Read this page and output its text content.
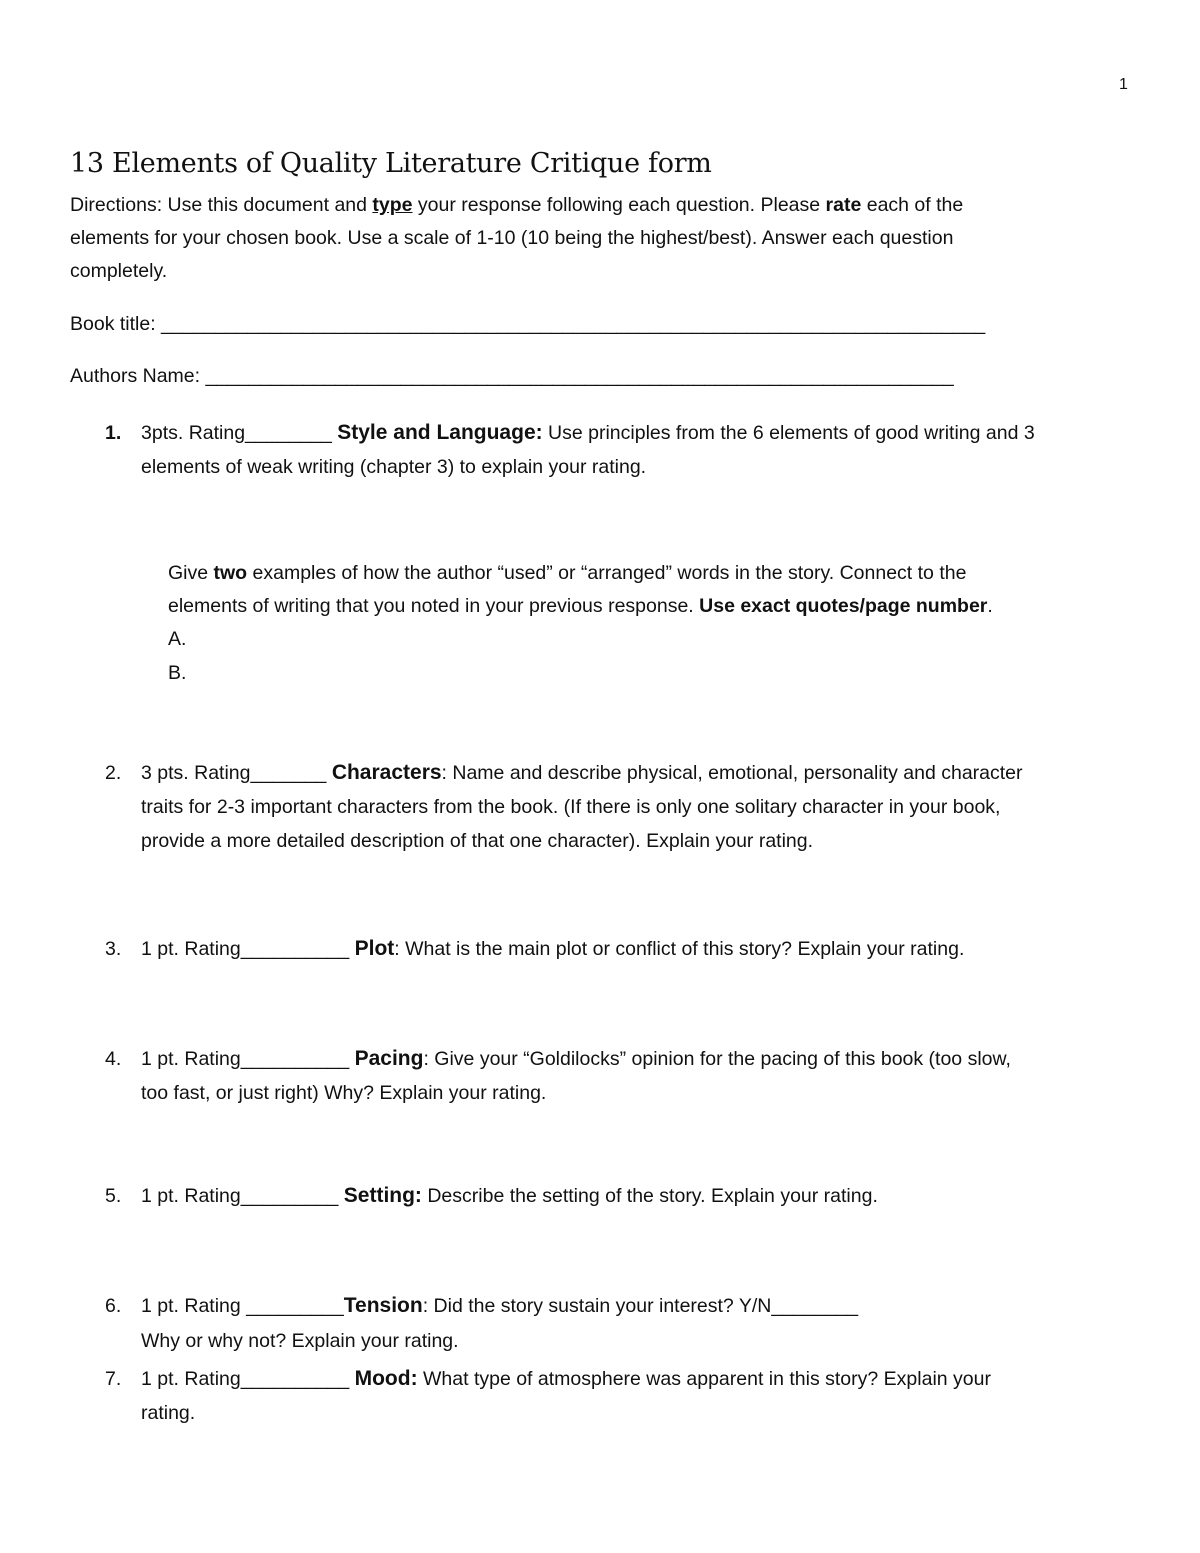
1
13 Elements of Quality Literature Critique form
Directions: Use this document and type your response following each question. Please rate each of the
elements for your chosen book. Use a scale of 1-10 (10 being the highest/best). Answer each question
completely.
Book title: ____________________________________________________________________________
Authors Name: _____________________________________________________________________
1. 3pts. Rating________ Style and Language: Use principles from the 6 elements of good writing and 3
elements of weak writing (chapter 3) to explain your rating.
Give two examples of how the author “used” or “arranged” words in the story. Connect to the
elements of writing that you noted in your previous response. Use exact quotes/page number.
A.
B.
2. 3 pts. Rating_______ Characters: Name and describe physical, emotional, personality and character
traits for 2-3 important characters from the book. (If there is only one solitary character in your book,
provide a more detailed description of that one character). Explain your rating.
3. 1 pt. Rating__________ Plot: What is the main plot or conflict of this story? Explain your rating.
4. 1 pt. Rating__________ Pacing: Give your “Goldilocks” opinion for the pacing of this book (too slow,
too fast, or just right) Why? Explain your rating.
5. 1 pt. Rating_________ Setting: Describe the setting of the story. Explain your rating.
6. 1 pt. Rating _________Tension: Did the story sustain your interest? Y/N________
Why or why not? Explain your rating.
7. 1 pt. Rating__________ Mood: What type of atmosphere was apparent in this story? Explain your
rating.
